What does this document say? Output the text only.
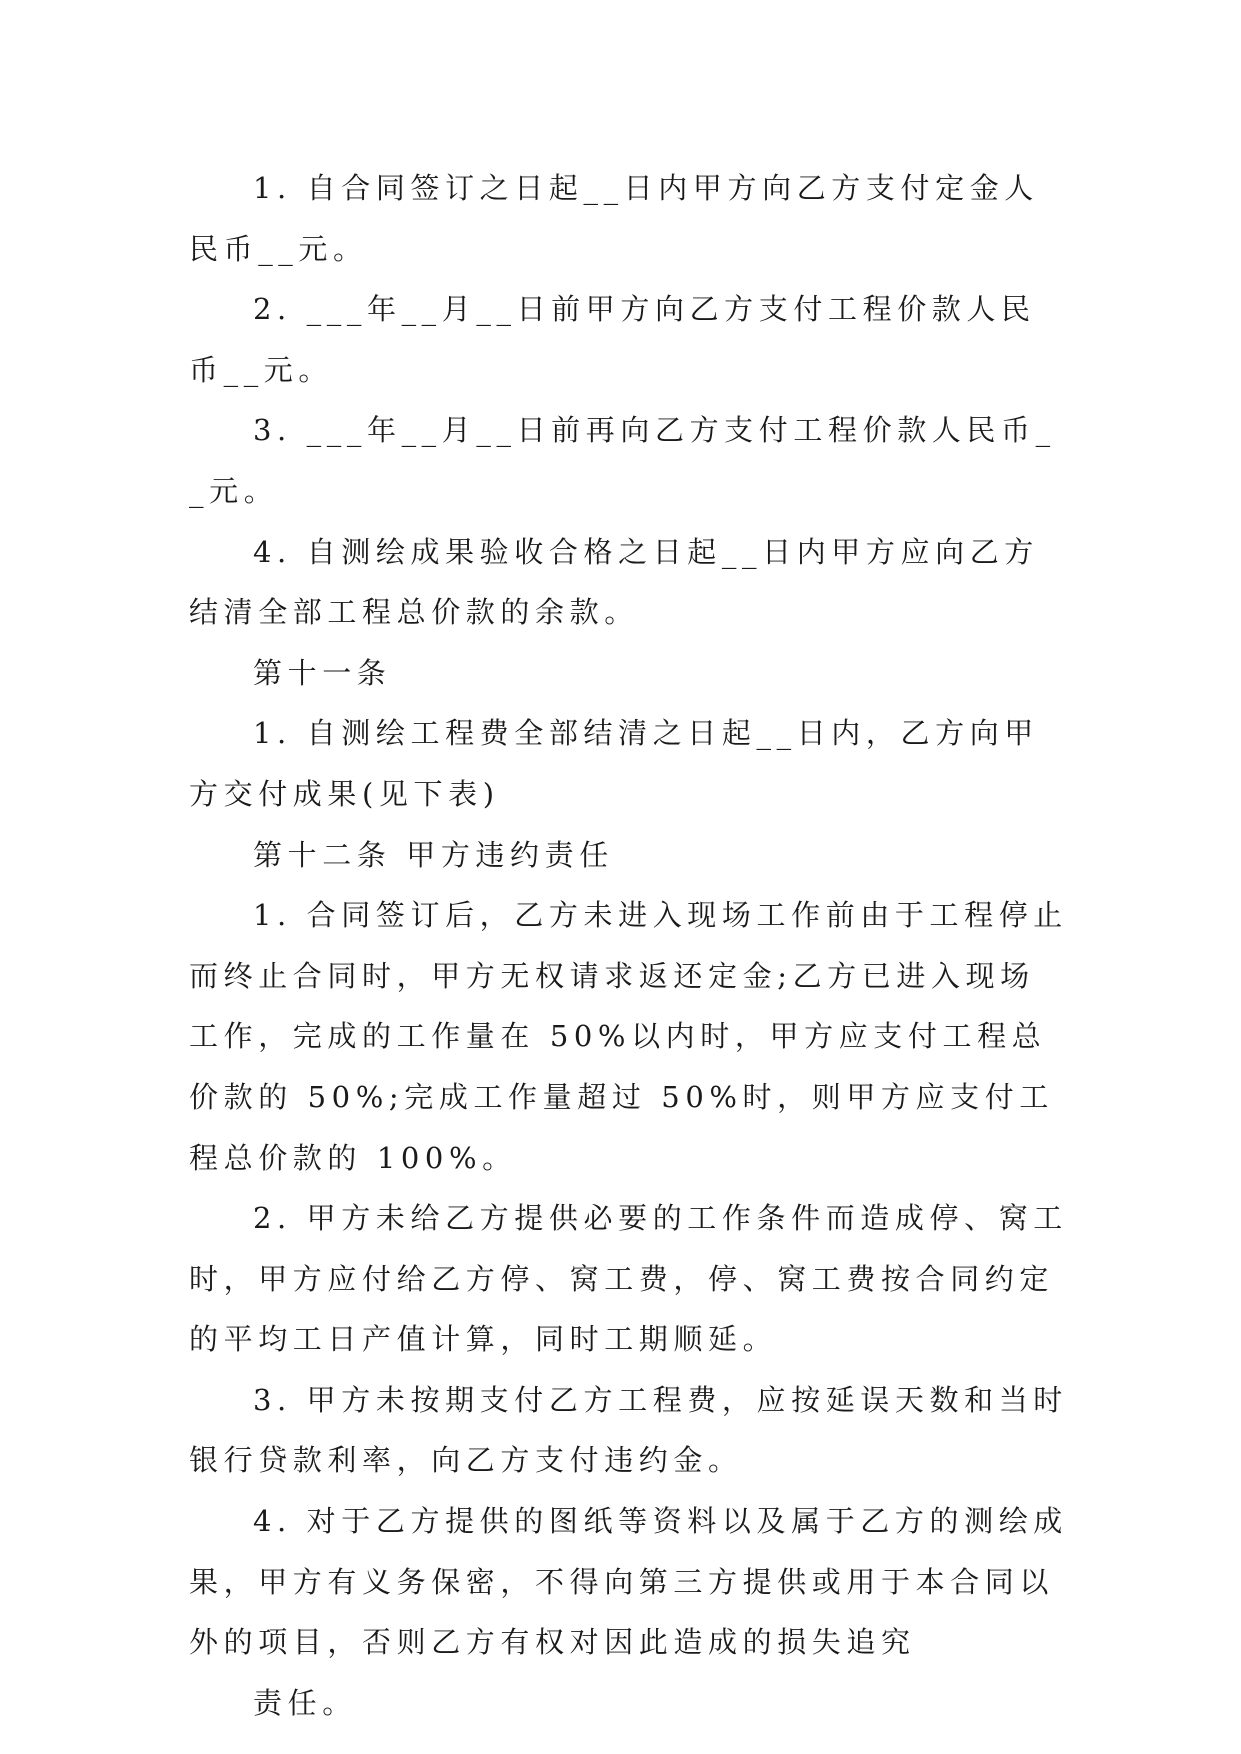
1. 自合同签订之日起__日内甲方向乙方支付定金人民币__元。

2. ___年__月__日前甲方向乙方支付工程价款人民币__元。

3. ___年__月__日前再向乙方支付工程价款人民币__元。

4. 自测绘成果验收合格之日起__日内甲方应向乙方结清全部工程总价款的余款。

第十一条

1. 自测绘工程费全部结清之日起__日内，乙方向甲方交付成果(见下表)

第十二条 甲方违约责任

1. 合同签订后，乙方未进入现场工作前由于工程停止而终止合同时，甲方无权请求返还定金;乙方已进入现场工作，完成的工作量在 50%以内时，甲方应支付工程总价款的 50%;完成工作量超过 50%时，则甲方应支付工程总价款的 100%。

2. 甲方未给乙方提供必要的工作条件而造成停、窝工时，甲方应付给乙方停、窝工费，停、窝工费按合同约定的平均工日产值计算，同时工期顺延。

3. 甲方未按期支付乙方工程费，应按延误天数和当时银行贷款利率，向乙方支付违约金。

4. 对于乙方提供的图纸等资料以及属于乙方的测绘成果，甲方有义务保密，不得向第三方提供或用于本合同以外的项目，否则乙方有权对因此造成的损失追究

责任。
